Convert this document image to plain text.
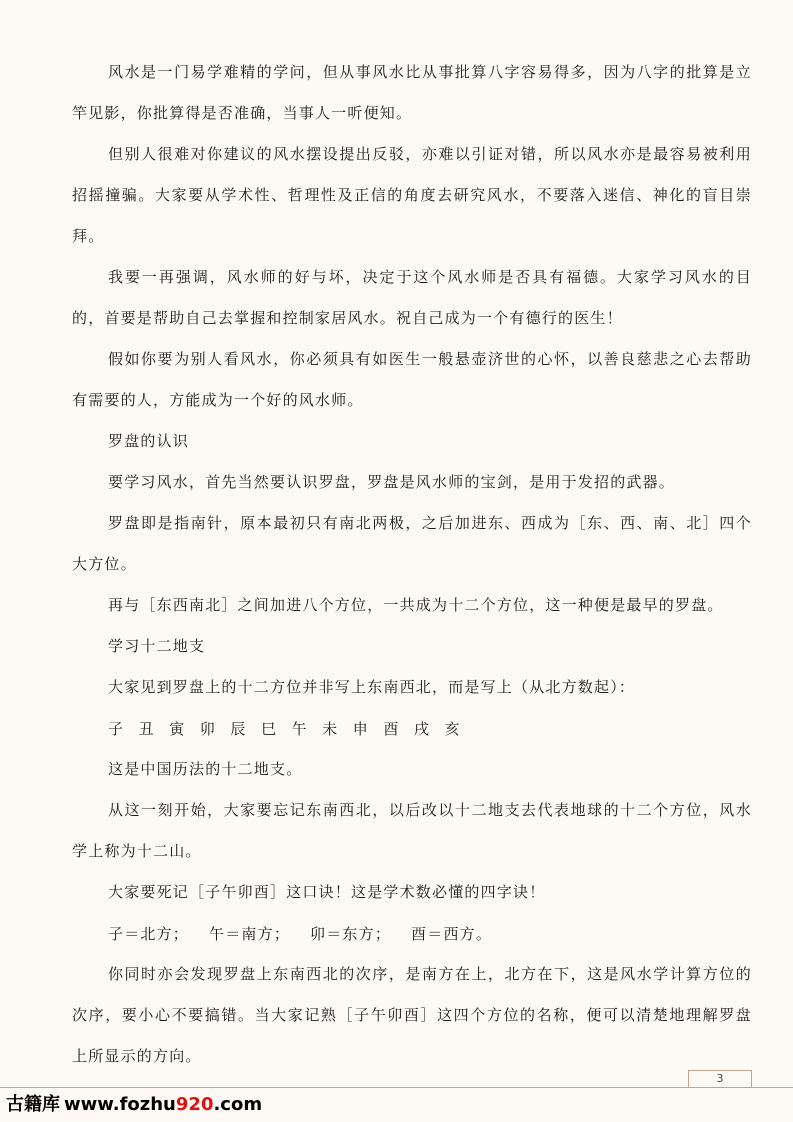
风水是一门易学难精的学问，但从事风水比从事批算八字容易得多，因为八字的批算是立竿见影，你批算得是否准确，当事人一听便知。

但别人很难对你建议的风水摆设提出反驳，亦难以引证对错，所以风水亦是最容易被利用招摇撞骗。大家要从学术性、哲理性及正信的角度去研究风水，不要落入迷信、神化的盲目崇拜。

我要一再强调，风水师的好与坏，决定于这个风水师是否具有福德。大家学习风水的目的，首要是帮助自己去掌握和控制家居风水。祝自己成为一个有德行的医生！

假如你要为别人看风水，你必须具有如医生一般悬壶济世的心怀，以善良慈悲之心去帮助有需要的人，方能成为一个好的风水师。

罗盘的认识

要学习风水，首先当然要认识罗盘，罗盘是风水师的宝剑，是用于发招的武器。

罗盘即是指南针，原本最初只有南北两极，之后加进东、西成为［东、西、南、北］四个大方位。

再与［东西南北］之间加进八个方位，一共成为十二个方位，这一种便是最早的罗盘。

学习十二地支

大家见到罗盘上的十二方位并非写上东南西北，而是写上（从北方数起）：

子	丑	寅	卯	辰	巳	午	未	申	酉	戌	亥

这是中国历法的十二地支。

从这一刻开始，大家要忘记东南西北，以后改以十二地支去代表地球的十二个方位，风水学上称为十二山。

大家要死记［子午卯酉］这口诀！这是学术数必懂的四字诀！

子＝北方； 午＝南方； 卯＝东方； 酉＝西方。

你同时亦会发现罗盘上东南西北的次序，是南方在上，北方在下，这是风水学计算方位的次序，要小心不要搞错。当大家记熟［子午卯酉］这四个方位的名称，便可以清楚地理解罗盘上所显示的方向。

3
古籍库 www.fozhu920.com
